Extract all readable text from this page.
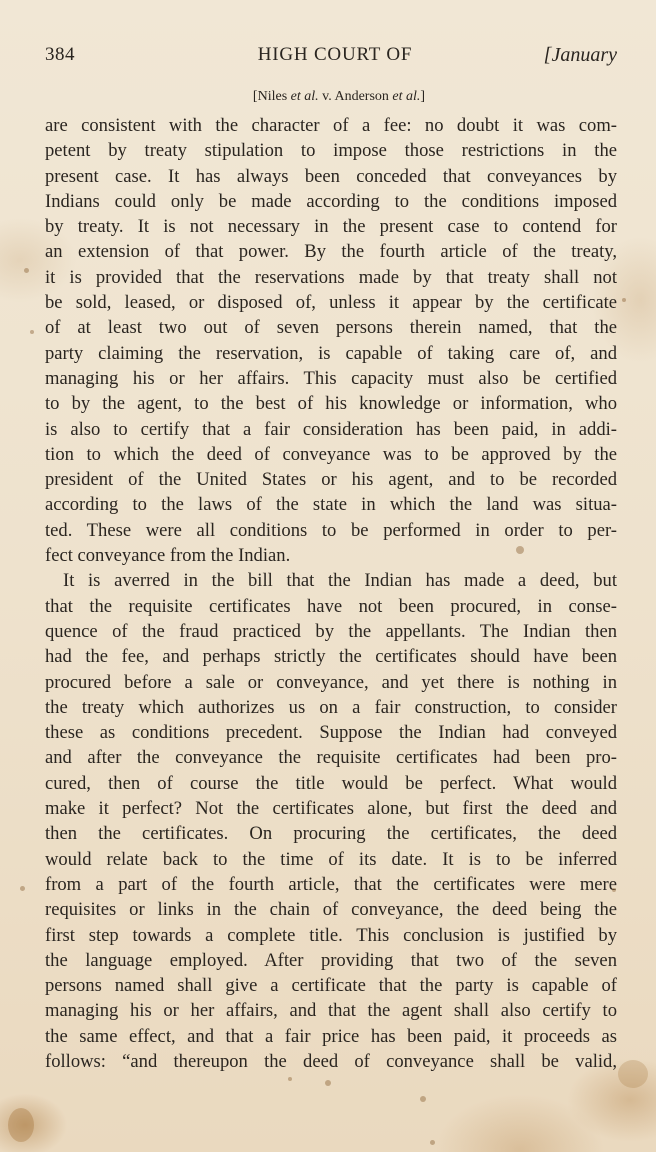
384	HIGH COURT OF	[January
[Niles et al. v. Anderson et al.]
are consistent with the character of a fee: no doubt it was com-
petent by treaty stipulation to impose those restrictions in the
present case. It has always been conceded that conveyances by
Indians could only be made according to the conditions imposed
by treaty. It is not necessary in the present case to contend for
an extension of that power. By the fourth article of the treaty,
it is provided that the reservations made by that treaty shall not
be sold, leased, or disposed of, unless it appear by the certificate
of at least two out of seven persons therein named, that the
party claiming the reservation, is capable of taking care of, and
managing his or her affairs. This capacity must also be certified
to by the agent, to the best of his knowledge or information, who
is also to certify that a fair consideration has been paid, in addi-
tion to which the deed of conveyance was to be approved by the
president of the United States or his agent, and to be recorded
according to the laws of the state in which the land was situa-
ted. These were all conditions to be performed in order to per-
fect conveyance from the Indian.
It is averred in the bill that the Indian has made a deed, but
that the requisite certificates have not been procured, in conse-
quence of the fraud practiced by the appellants. The Indian then
had the fee, and perhaps strictly the certificates should have been
procured before a sale or conveyance, and yet there is nothing in
the treaty which authorizes us on a fair construction, to consider
these as conditions precedent. Suppose the Indian had conveyed
and after the conveyance the requisite certificates had been pro-
cured, then of course the title would be perfect. What would
make it perfect? Not the certificates alone, but first the deed and
then the certificates. On procuring the certificates, the deed
would relate back to the time of its date. It is to be inferred
from a part of the fourth article, that the certificates were mere
requisites or links in the chain of conveyance, the deed being the
first step towards a complete title. This conclusion is justified by
the language employed. After providing that two of the seven
persons named shall give a certificate that the party is capable of
managing his or her affairs, and that the agent shall also certify to
the same effect, and that a fair price has been paid, it proceeds as
follows: “and thereupon the deed of conveyance shall be valid,
